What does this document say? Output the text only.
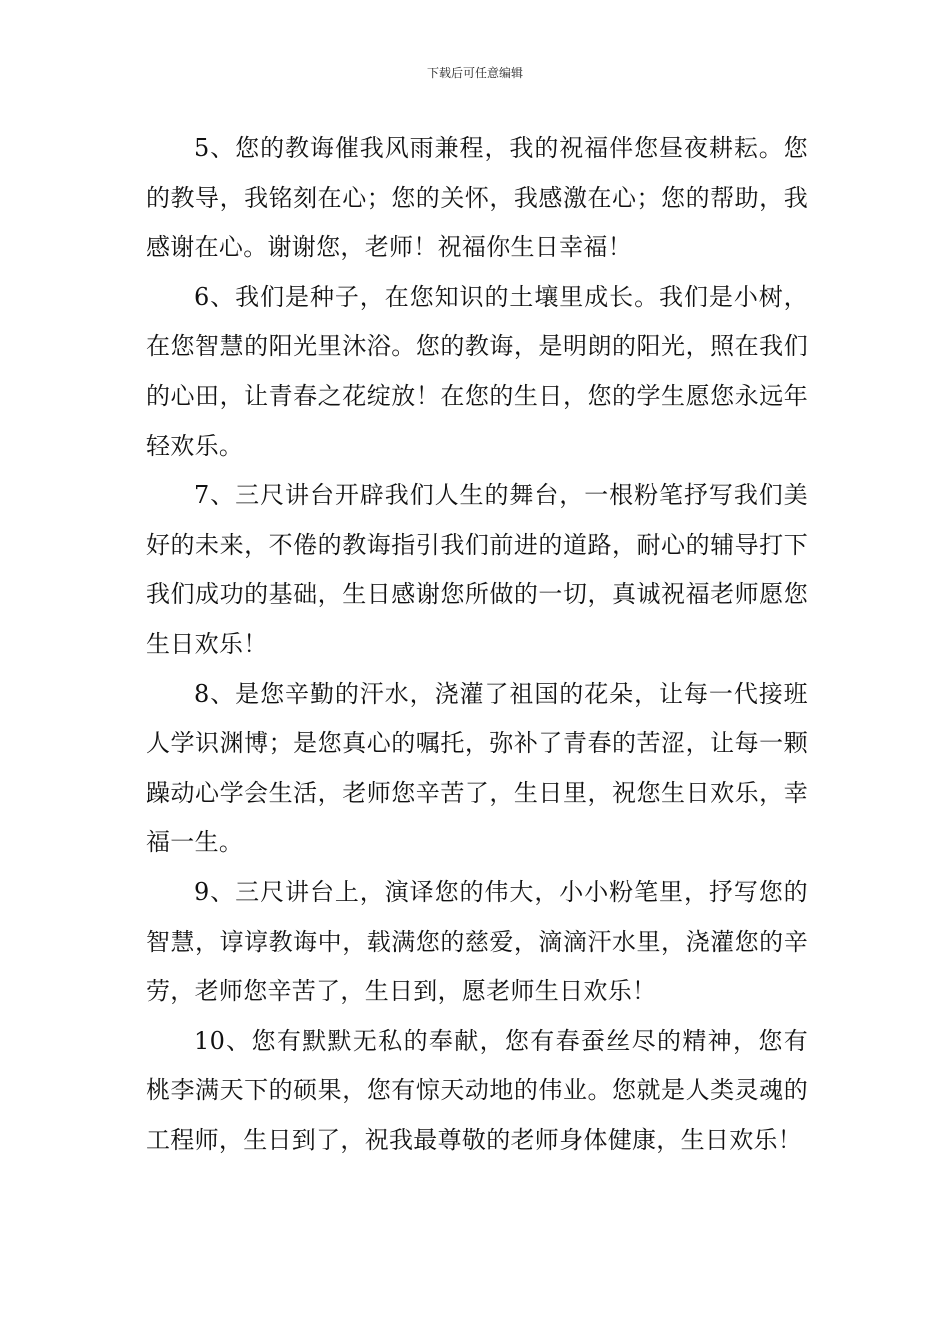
下载后可任意编辑

5、您的教诲催我风雨兼程，我的祝福伴您昼夜耕耘。您的教导，我铭刻在心；您的关怀，我感激在心；您的帮助，我感谢在心。谢谢您，老师！祝福你生日幸福！

6、我们是种子，在您知识的土壤里成长。我们是小树，在您智慧的阳光里沐浴。您的教诲，是明朗的阳光，照在我们的心田，让青春之花绽放！在您的生日，您的学生愿您永远年轻欢乐。

7、三尺讲台开辟我们人生的舞台，一根粉笔抒写我们美好的未来，不倦的教诲指引我们前进的道路，耐心的辅导打下我们成功的基础，生日感谢您所做的一切，真诚祝福老师愿您生日欢乐！

8、是您辛勤的汗水，浇灌了祖国的花朵，让每一代接班人学识渊博；是您真心的嘱托，弥补了青春的苦涩，让每一颗躁动心学会生活，老师您辛苦了，生日里，祝您生日欢乐，幸福一生。

9、三尺讲台上，演译您的伟大，小小粉笔里，抒写您的智慧，谆谆教诲中，载满您的慈爱，滴滴汗水里，浇灌您的辛劳，老师您辛苦了，生日到，愿老师生日欢乐！

10、您有默默无私的奉献，您有春蚕丝尽的精神，您有桃李满天下的硕果，您有惊天动地的伟业。您就是人类灵魂的工程师，生日到了，祝我最尊敬的老师身体健康，生日欢乐！
